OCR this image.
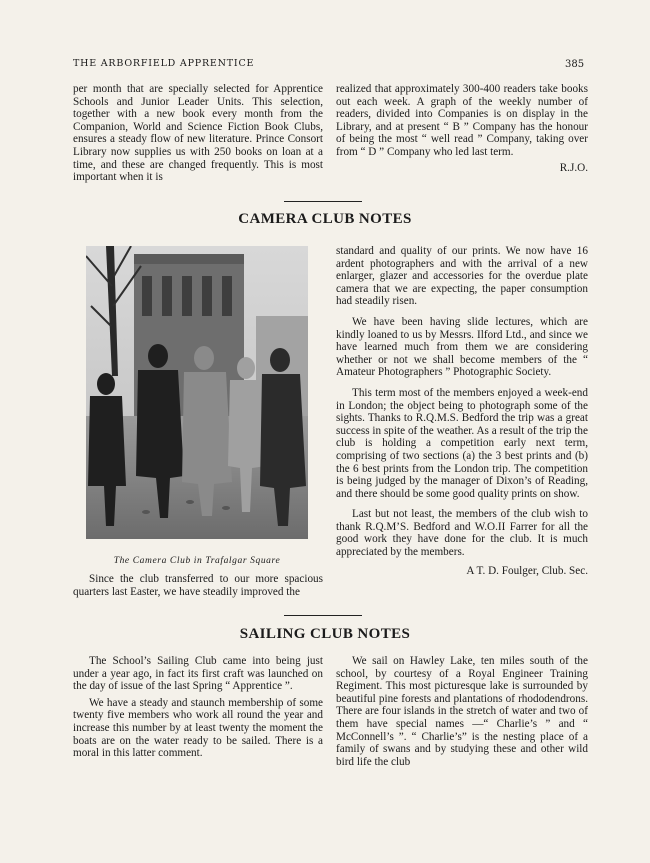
THE ARBORFIELD APPRENTICE	385

per month that are specially selected for Apprentice Schools and Junior Leader Units. This selection, together with a new book every month from the Companion, World and Science Fiction Book Clubs, ensures a steady flow of new literature. Prince Consort Library now supplies us with 250 books on loan at a time, and these are changed frequently. This is most important when it is

realized that approximately 300-400 readers take books out each week. A graph of the weekly number of readers, divided into Companies is on display in the Library, and at present “ B ” Company has the honour of being the most “ well read ” Company, taking over from “ D ” Company who led last term.

R.J.O.

CAMERA CLUB NOTES
The Camera Club in Trafalgar Square

Since the club transferred to our more spacious quarters last Easter, we have steadily improved the

standard and quality of our prints. We now have 16 ardent photographers and with the arrival of a new enlarger, glazer and accessories for the overdue plate camera that we are expecting, the paper consumption had steadily risen.

We have been having slide lectures, which are kindly loaned to us by Messrs. Ilford Ltd., and since we have learned much from them we are considering whether or not we shall become members of the “ Amateur Photographers ” Photographic Society.

This term most of the members enjoyed a week-end in London; the object being to photograph some of the sights. Thanks to R.Q.M.S. Bedford the trip was a great success in spite of the weather. As a result of the trip the club is holding a competition early next term, comprising of two sections (a) the 3 best prints and (b) the 6 best prints from the London trip. The competition is being judged by the manager of Dixon’s of Reading, and there should be some good quality prints on show.

Last but not least, the members of the club wish to thank R.Q.M’S. Bedford and W.O.II Farrer for all the good work they have done for the club. It is much appreciated by the members.

A T. D. Foulger, Club. Sec.

SAILING CLUB NOTES

The School’s Sailing Club came into being just under a year ago, in fact its first craft was launched on the day of issue of the last Spring “ Apprentice ”.

We have a steady and staunch membership of some twenty five members who work all round the year and increase this number by at least twenty the moment the boats are on the water ready to be sailed. There is a moral in this latter comment.

We sail on Hawley Lake, ten miles south of the school, by courtesy of a Royal Engineer Training Regiment. This most picturesque lake is surrounded by beautiful pine forests and plantations of rhododendrons. There are four islands in the stretch of water and two of them have special names —“ Charlie’s ” and “ McConnell’s ”. “ Charlie’s” is the nesting place of a family of swans and by studying these and other wild bird life the club
